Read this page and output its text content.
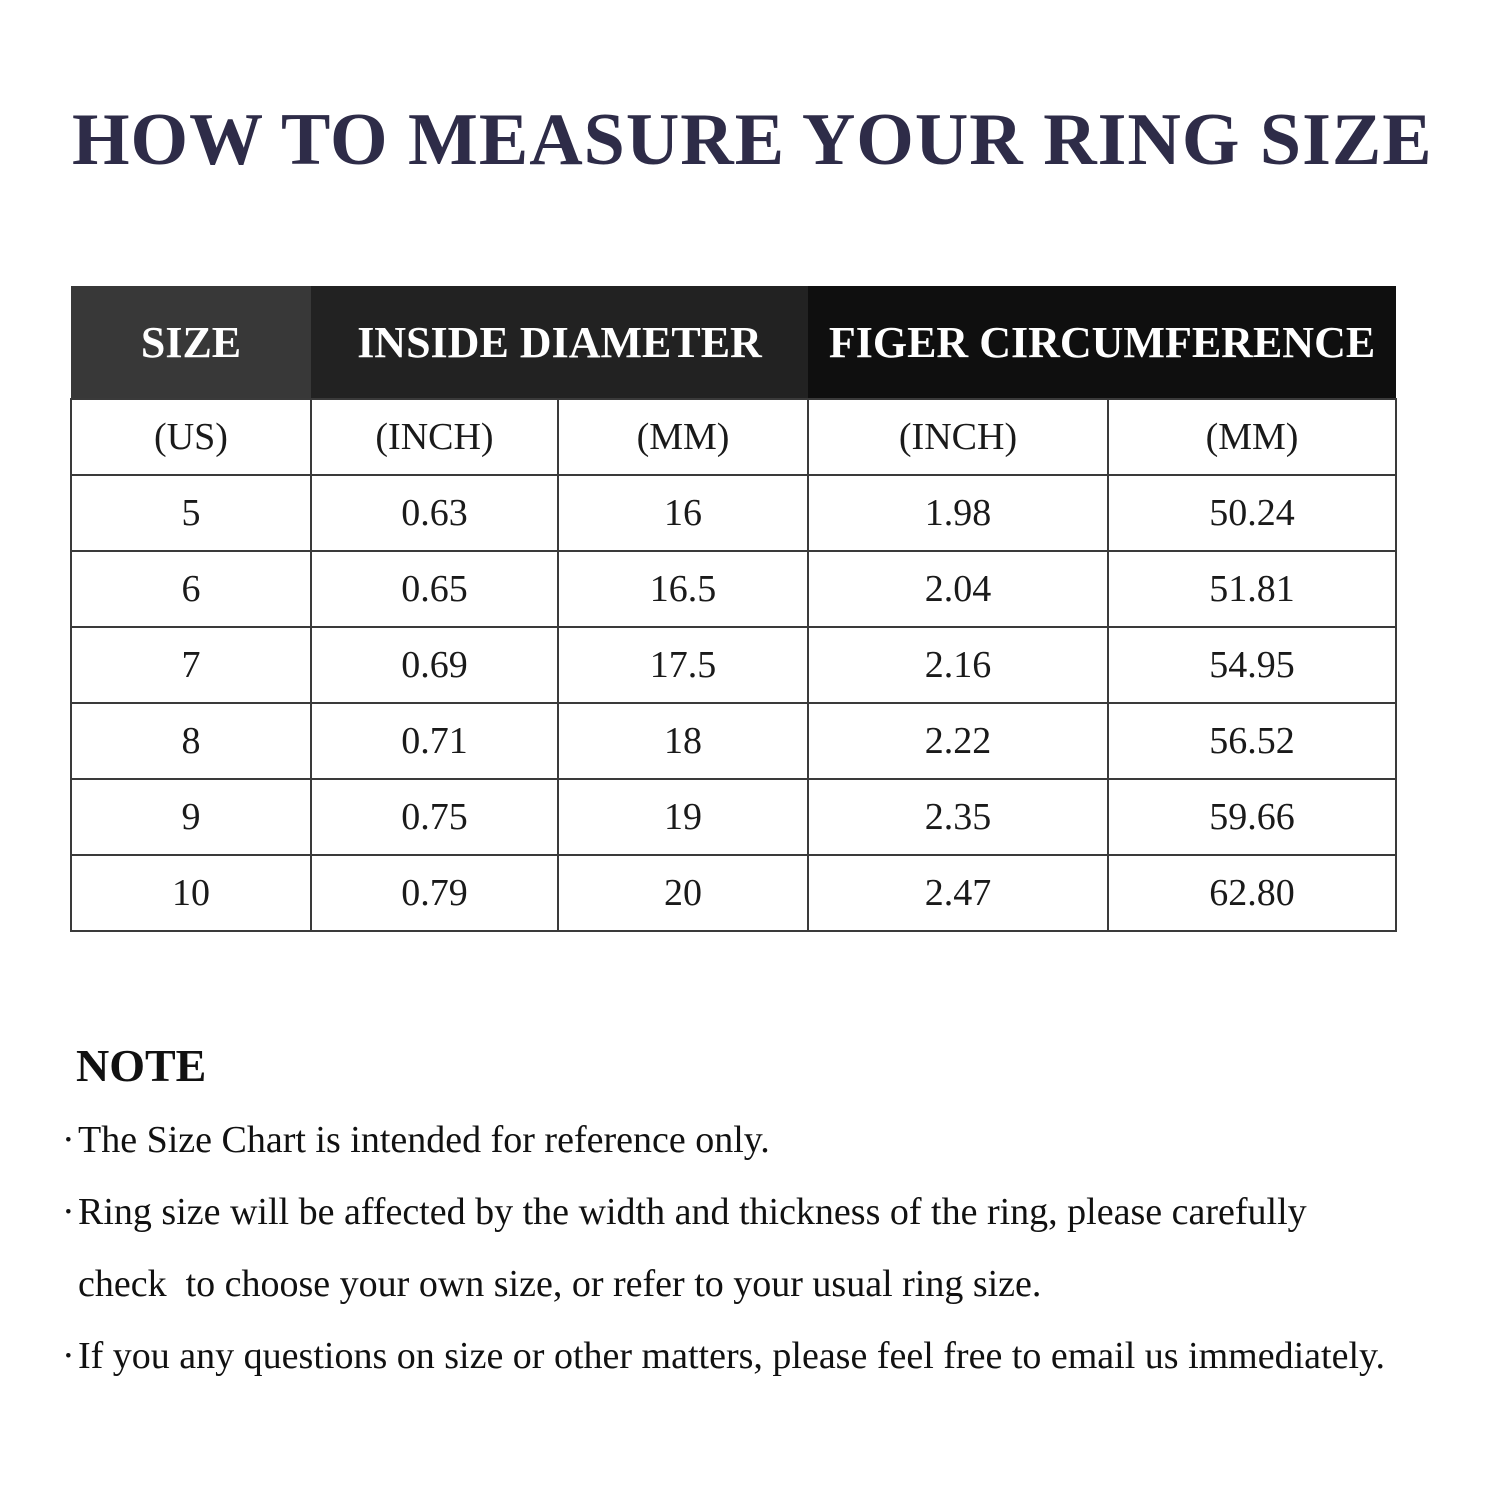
HOW TO MEASURE YOUR RING SIZE
SIZE	INSIDE DIAMETER		FIGER CIRCUMFERENCE	
(US)	(INCH)	(MM)	(INCH)	(MM)
5	0.63	16	1.98	50.24
6	0.65	16.5	2.04	51.81
7	0.69	17.5	2.16	54.95
8	0.71	18	2.22	56.52
9	0.75	19	2.35	59.66
10	0.79	20	2.47	62.80
NOTE
· The Size Chart is intended for reference only.
· Ring size will be affected by the width and thickness of the ring, please carefully check  to choose your own size, or refer to your usual ring size.
· If you any questions on size or other matters, please feel free to email us immediately.
